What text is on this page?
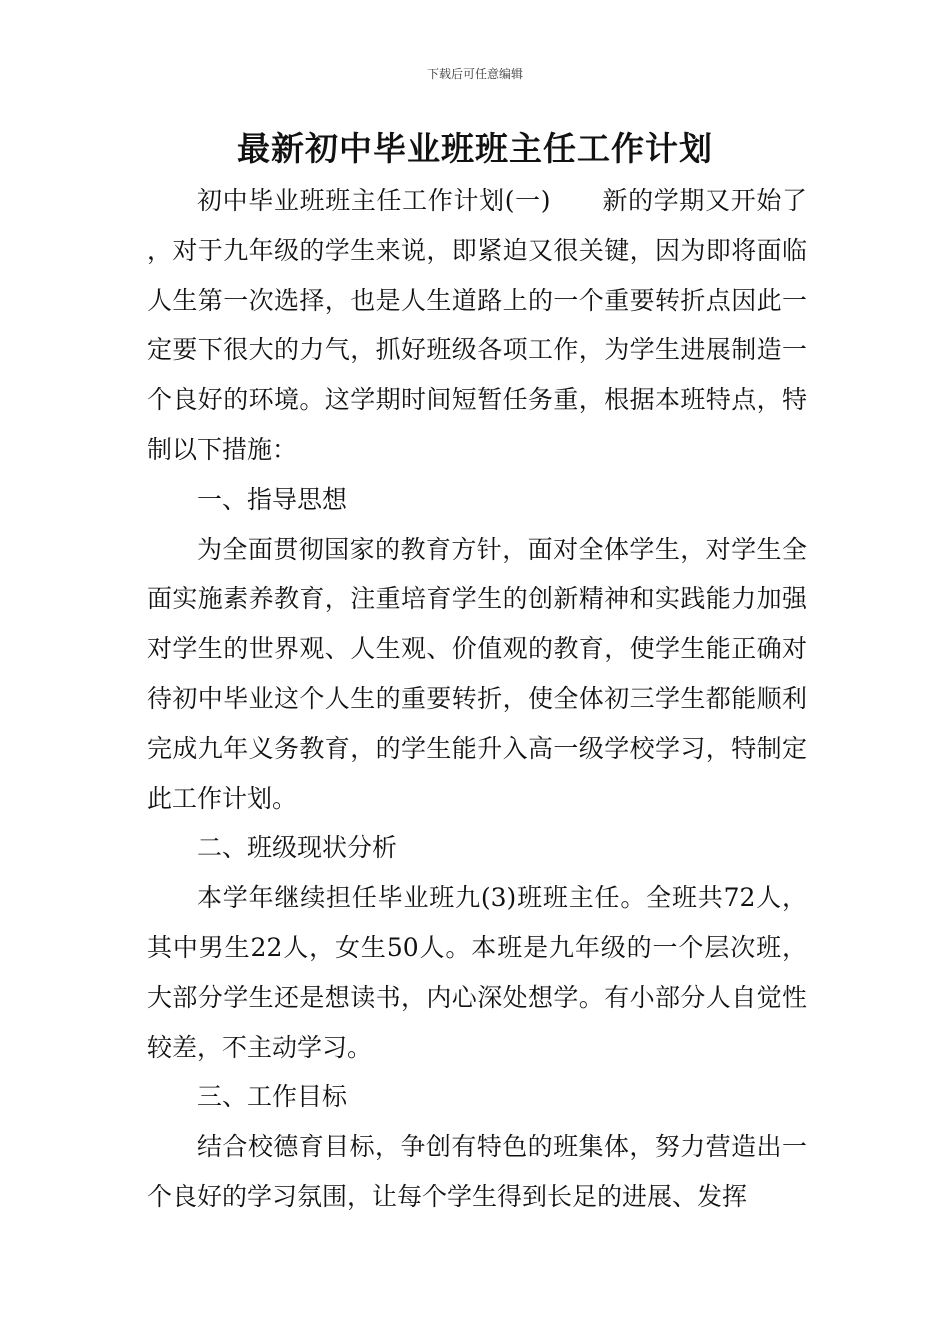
下载后可任意编辑
最新初中毕业班班主任工作计划

初中毕业班班主任工作计划(一)　　新的学期又开始了，对于九年级的学生来说，即紧迫又很关键，因为即将面临人生第一次选择，也是人生道路上的一个重要转折点因此一定要下很大的力气，抓好班级各项工作，为学生进展制造一个良好的环境。这学期时间短暂任务重，根据本班特点，特制以下措施：

一、指导思想

为全面贯彻国家的教育方针，面对全体学生，对学生全面实施素养教育，注重培育学生的创新精神和实践能力加强对学生的世界观、人生观、价值观的教育，使学生能正确对待初中毕业这个人生的重要转折，使全体初三学生都能顺利完成九年义务教育，的学生能升入高一级学校学习，特制定此工作计划。

二、班级现状分析

本学年继续担任毕业班九(3)班班主任。全班共72人，其中男生22人，女生50人。本班是九年级的一个层次班，大部分学生还是想读书，内心深处想学。有小部分人自觉性较差，不主动学习。

三、工作目标

结合校德育目标，争创有特色的班集体，努力营造出一个良好的学习氛围，让每个学生得到长足的进展、发挥
